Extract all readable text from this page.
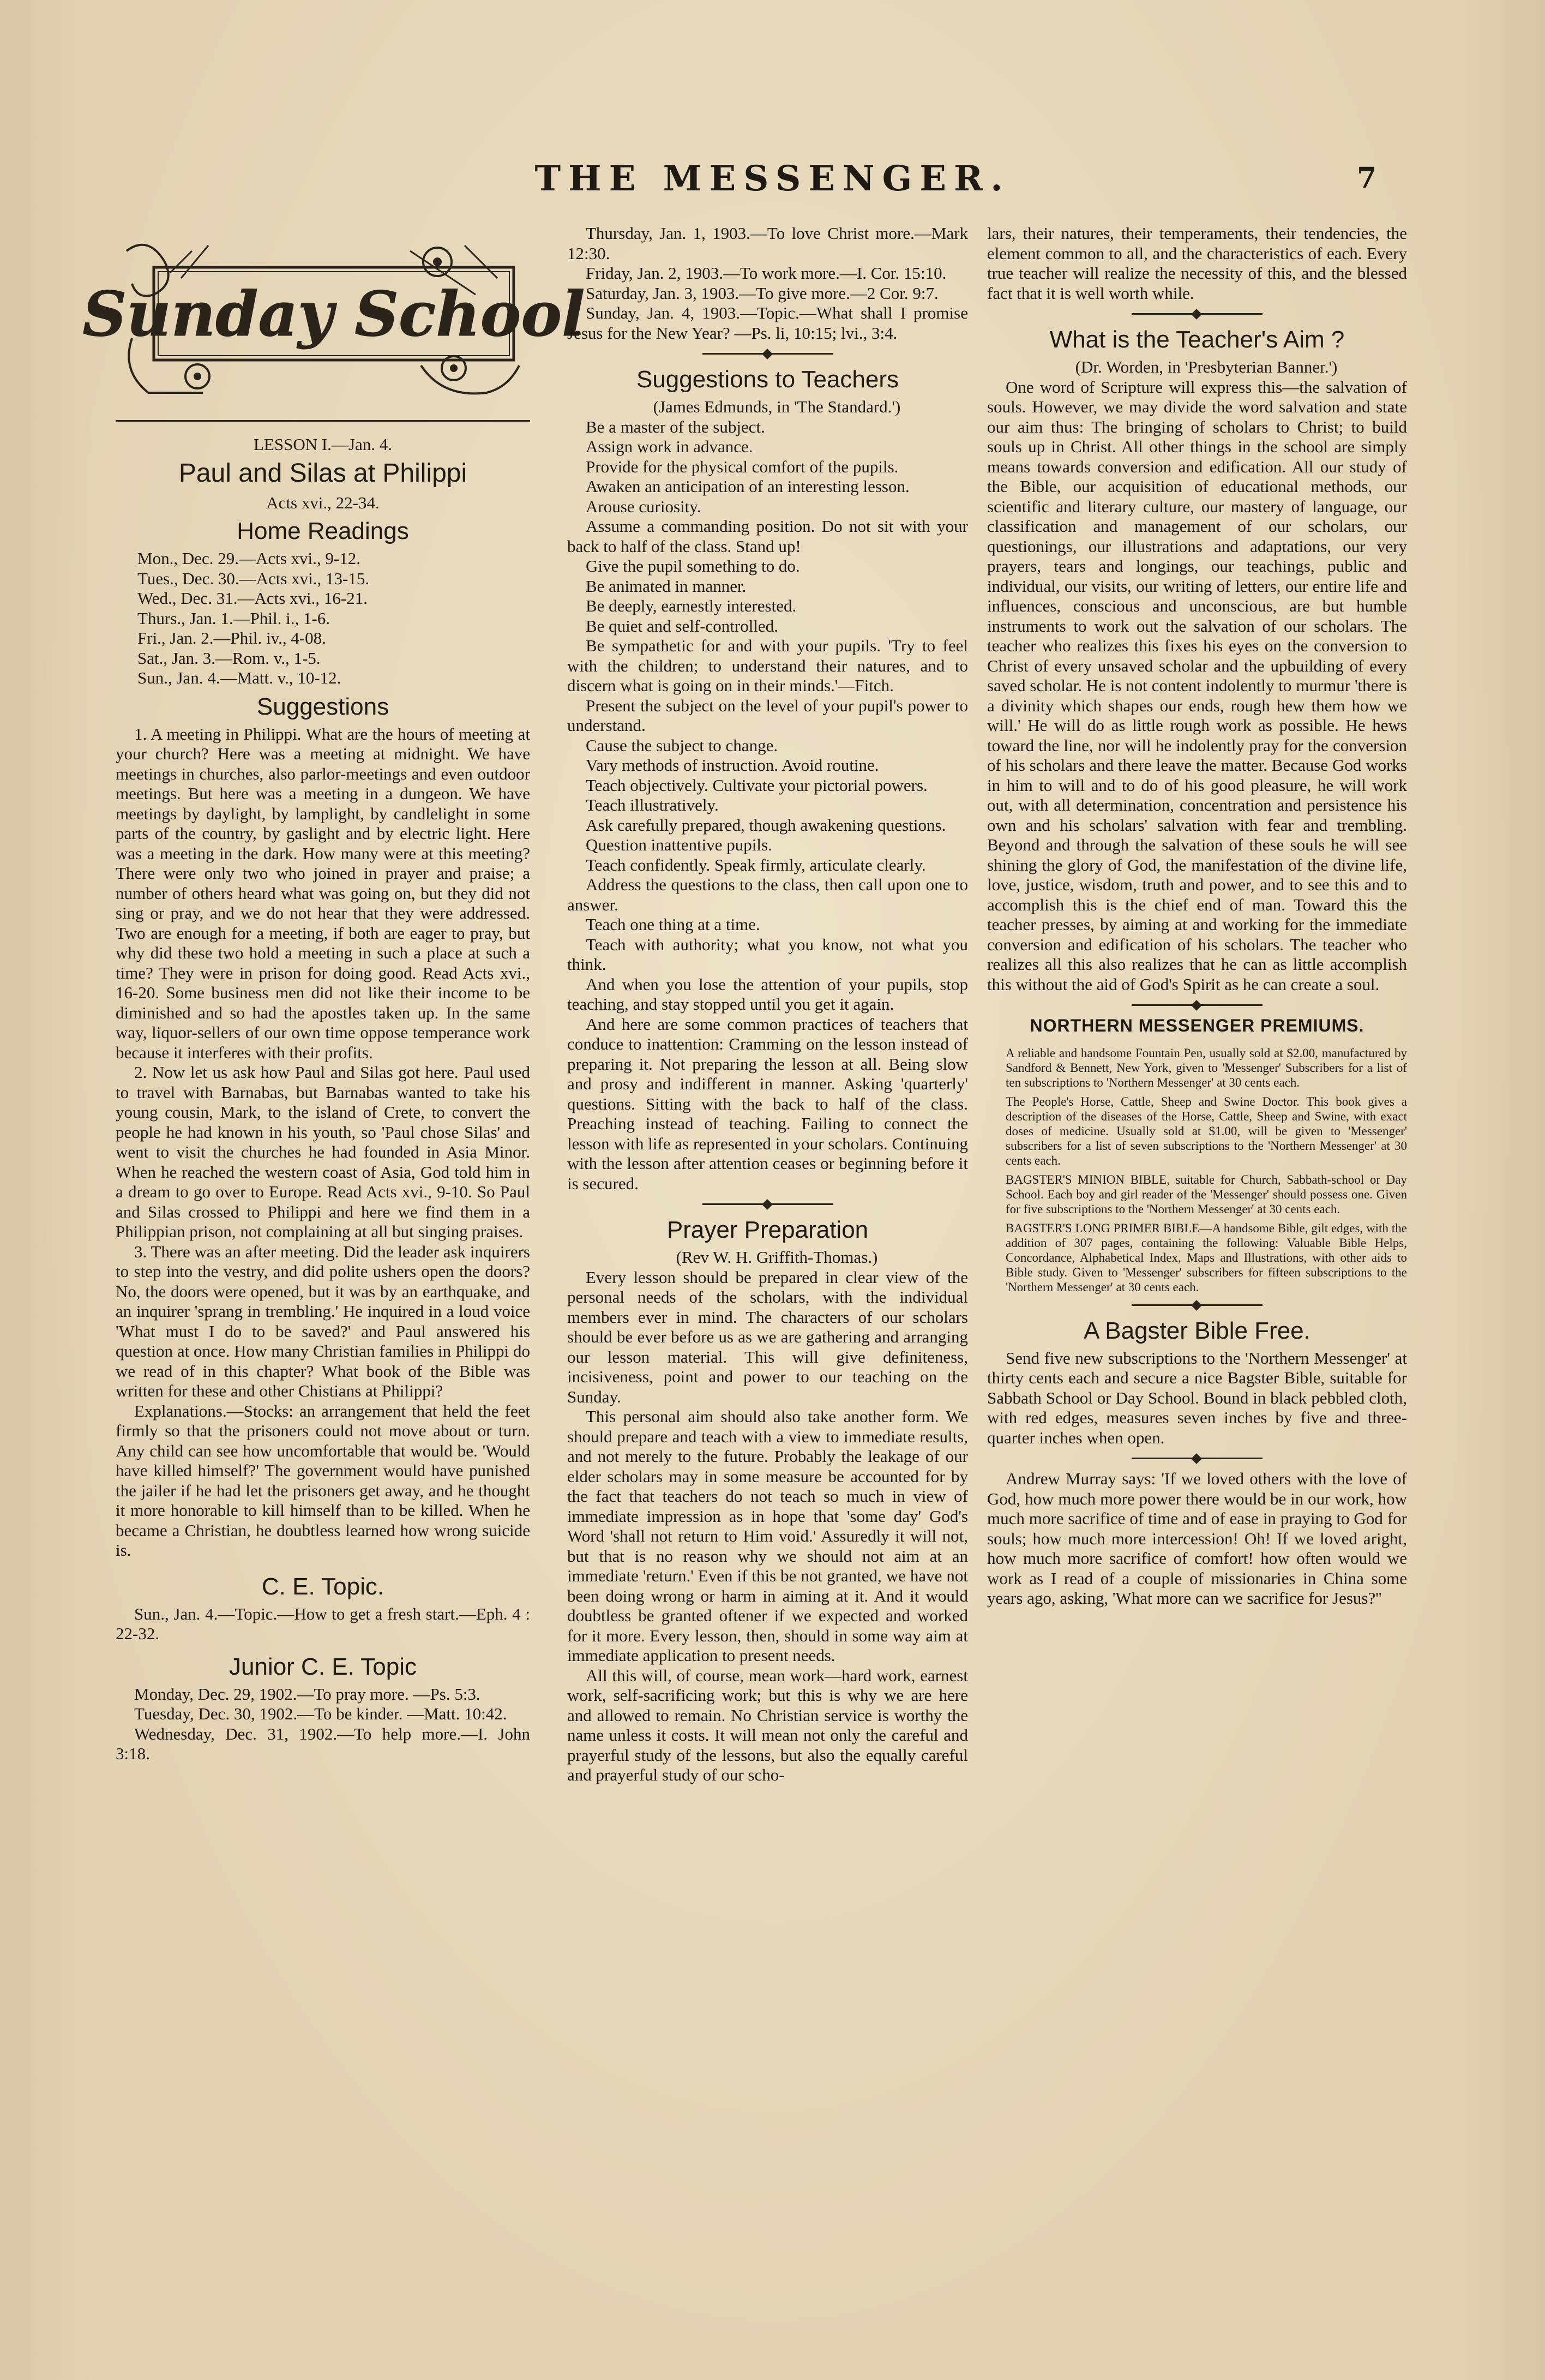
THE MESSENGER.	7
Sunday School

LESSON I.—Jan. 4.

Paul and Silas at Philippi

Acts xvi., 22-34.

Home Readings
Mon., Dec. 29.—Acts xvi., 9-12.
Tues., Dec. 30.—Acts xvi., 13-15.
Wed., Dec. 31.—Acts xvi., 16-21.
Thurs., Jan. 1.—Phil. i., 1-6.
Fri., Jan. 2.—Phil. iv., 4-08.
Sat., Jan. 3.—Rom. v., 1-5.
Sun., Jan. 4.—Matt. v., 10-12.
Suggestions

1. A meeting in Philippi. What are the hours of meeting at your church? Here was a meeting at midnight. We have meetings in churches, also parlor-meetings and even outdoor meetings. But here was a meeting in a dungeon. We have meetings by daylight, by lamplight, by candlelight in some parts of the country, by gaslight and by electric light. Here was a meeting in the dark. How many were at this meeting? There were only two who joined in prayer and praise; a number of others heard what was going on, but they did not sing or pray, and we do not hear that they were addressed. Two are enough for a meeting, if both are eager to pray, but why did these two hold a meeting in such a place at such a time? They were in prison for doing good. Read Acts xvi., 16-20. Some business men did not like their income to be diminished and so had the apostles taken up. In the same way, liquor-sellers of our own time oppose temperance work because it interferes with their profits.

2. Now let us ask how Paul and Silas got here. Paul used to travel with Barnabas, but Barnabas wanted to take his young cousin, Mark, to the island of Crete, to convert the people he had known in his youth, so 'Paul chose Silas' and went to visit the churches he had founded in Asia Minor. When he reached the western coast of Asia, God told him in a dream to go over to Europe. Read Acts xvi., 9-10. So Paul and Silas crossed to Philippi and here we find them in a Philippian prison, not complaining at all but singing praises.

3. There was an after meeting. Did the leader ask inquirers to step into the vestry, and did polite ushers open the doors? No, the doors were opened, but it was by an earthquake, and an inquirer 'sprang in trembling.' He inquired in a loud voice 'What must I do to be saved?' and Paul answered his question at once. How many Christian families in Philippi do we read of in this chapter? What book of the Bible was written for these and other Chistians at Philippi?

Explanations.—Stocks: an arrangement that held the feet firmly so that the prisoners could not move about or turn. Any child can see how uncomfortable that would be. 'Would have killed himself?' The government would have punished the jailer if he had let the prisoners get away, and he thought it more honorable to kill himself than to be killed. When he became a Christian, he doubtless learned how wrong suicide is.

C. E. Topic.

Sun., Jan. 4.—Topic.—How to get a fresh start.—Eph. 4 : 22-32.

Junior C. E. Topic

Monday, Dec. 29, 1902.—To pray more. —Ps. 5:3.

Tuesday, Dec. 30, 1902.—To be kinder. —Matt. 10:42.

Wednesday, Dec. 31, 1902.—To help more.—I. John 3:18.

Thursday, Jan. 1, 1903.—To love Christ more.—Mark 12:30.

Friday, Jan. 2, 1903.—To work more.—I. Cor. 15:10.

Saturday, Jan. 3, 1903.—To give more.—2 Cor. 9:7.

Sunday, Jan. 4, 1903.—Topic.—What shall I promise Jesus for the New Year? —Ps. li, 10:15; lvi., 3:4.

Suggestions to Teachers

(James Edmunds, in 'The Standard.')

Be a master of the subject.

Assign work in advance.

Provide for the physical comfort of the pupils.

Awaken an anticipation of an interesting lesson.

Arouse curiosity.

Assume a commanding position. Do not sit with your back to half of the class. Stand up!

Give the pupil something to do.

Be animated in manner.

Be deeply, earnestly interested.

Be quiet and self-controlled.

Be sympathetic for and with your pupils. 'Try to feel with the children; to understand their natures, and to discern what is going on in their minds.'—Fitch.

Present the subject on the level of your pupil's power to understand.

Cause the subject to change.

Vary methods of instruction. Avoid routine.

Teach objectively. Cultivate your pictorial powers.

Teach illustratively.

Ask carefully prepared, though awakening questions.

Question inattentive pupils.

Teach confidently. Speak firmly, articulate clearly.

Address the questions to the class, then call upon one to answer.

Teach one thing at a time.

Teach with authority; what you know, not what you think.

And when you lose the attention of your pupils, stop teaching, and stay stopped until you get it again.

And here are some common practices of teachers that conduce to inattention: Cramming on the lesson instead of preparing it. Not preparing the lesson at all. Being slow and prosy and indifferent in manner. Asking 'quarterly' questions. Sitting with the back to half of the class. Preaching instead of teaching. Failing to connect the lesson with life as represented in your scholars. Continuing with the lesson after attention ceases or beginning before it is secured.

Prayer Preparation

(Rev W. H. Griffith-Thomas.)

Every lesson should be prepared in clear view of the personal needs of the scholars, with the individual members ever in mind. The characters of our scholars should be ever before us as we are gathering and arranging our lesson material. This will give definiteness, incisiveness, point and power to our teaching on the Sunday.

This personal aim should also take another form. We should prepare and teach with a view to immediate results, and not merely to the future. Probably the leakage of our elder scholars may in some measure be accounted for by the fact that teachers do not teach so much in view of immediate impression as in hope that 'some day' God's Word 'shall not return to Him void.' Assuredly it will not, but that is no reason why we should not aim at an immediate 'return.' Even if this be not granted, we have not been doing wrong or harm in aiming at it. And it would doubtless be granted oftener if we expected and worked for it more. Every lesson, then, should in some way aim at immediate application to present needs.

All this will, of course, mean work—hard work, earnest work, self-sacrificing work; but this is why we are here and allowed to remain. No Christian service is worthy the name unless it costs. It will mean not only the careful and prayerful study of the lessons, but also the equally careful and prayerful study of our scho-

lars, their natures, their temperaments, their tendencies, the element common to all, and the characteristics of each. Every true teacher will realize the necessity of this, and the blessed fact that it is well worth while.

What is the Teacher's Aim ?

(Dr. Worden, in 'Presbyterian Banner.')

One word of Scripture will express this—the salvation of souls. However, we may divide the word salvation and state our aim thus: The bringing of scholars to Christ; to build souls up in Christ. All other things in the school are simply means towards conversion and edification. All our study of the Bible, our acquisition of educational methods, our scientific and literary culture, our mastery of language, our classification and management of our scholars, our questionings, our illustrations and adaptations, our very prayers, tears and longings, our teachings, public and individual, our visits, our writing of letters, our entire life and influences, conscious and unconscious, are but humble instruments to work out the salvation of our scholars. The teacher who realizes this fixes his eyes on the conversion to Christ of every unsaved scholar and the upbuilding of every saved scholar. He is not content indolently to murmur 'there is a divinity which shapes our ends, rough hew them how we will.' He will do as little rough work as possible. He hews toward the line, nor will he indolently pray for the conversion of his scholars and there leave the matter. Because God works in him to will and to do of his good pleasure, he will work out, with all determination, concentration and persistence his own and his scholars' salvation with fear and trembling. Beyond and through the salvation of these souls he will see shining the glory of God, the manifestation of the divine life, love, justice, wisdom, truth and power, and to see this and to accomplish this is the chief end of man. Toward this the teacher presses, by aiming at and working for the immediate conversion and edification of his scholars. The teacher who realizes all this also realizes that he can as little accomplish this without the aid of God's Spirit as he can create a soul.

NORTHERN MESSENGER PREMIUMS.

A reliable and handsome Fountain Pen, usually sold at $2.00, manufactured by Sandford & Bennett, New York, given to 'Messenger' Subscribers for a list of ten subscriptions to 'Northern Messenger' at 30 cents each.

The People's Horse, Cattle, Sheep and Swine Doctor. This book gives a description of the diseases of the Horse, Cattle, Sheep and Swine, with exact doses of medicine. Usually sold at $1.00, will be given to 'Messenger' subscribers for a list of seven subscriptions to the 'Northern Messenger' at 30 cents each.

BAGSTER'S MINION BIBLE, suitable for Church, Sabbath-school or Day School. Each boy and girl reader of the 'Messenger' should possess one. Given for five subscriptions to the 'Northern Messenger' at 30 cents each.

BAGSTER'S LONG PRIMER BIBLE—A handsome Bible, gilt edges, with the addition of 307 pages, containing the following: Valuable Bible Helps, Concordance, Alphabetical Index, Maps and Illustrations, with other aids to Bible study. Given to 'Messenger' subscribers for fifteen subscriptions to the 'Northern Messenger' at 30 cents each.

A Bagster Bible Free.

Send five new subscriptions to the 'Northern Messenger' at thirty cents each and secure a nice Bagster Bible, suitable for Sabbath School or Day School. Bound in black pebbled cloth, with red edges, measures seven inches by five and three-quarter inches when open.

Andrew Murray says: 'If we loved others with the love of God, how much more power there would be in our work, how much more sacrifice of time and of ease in praying to God for souls; how much more intercession! Oh! If we loved aright, how much more sacrifice of comfort! how often would we work as I read of a couple of missionaries in China some years ago, asking, 'What more can we sacrifice for Jesus?''
